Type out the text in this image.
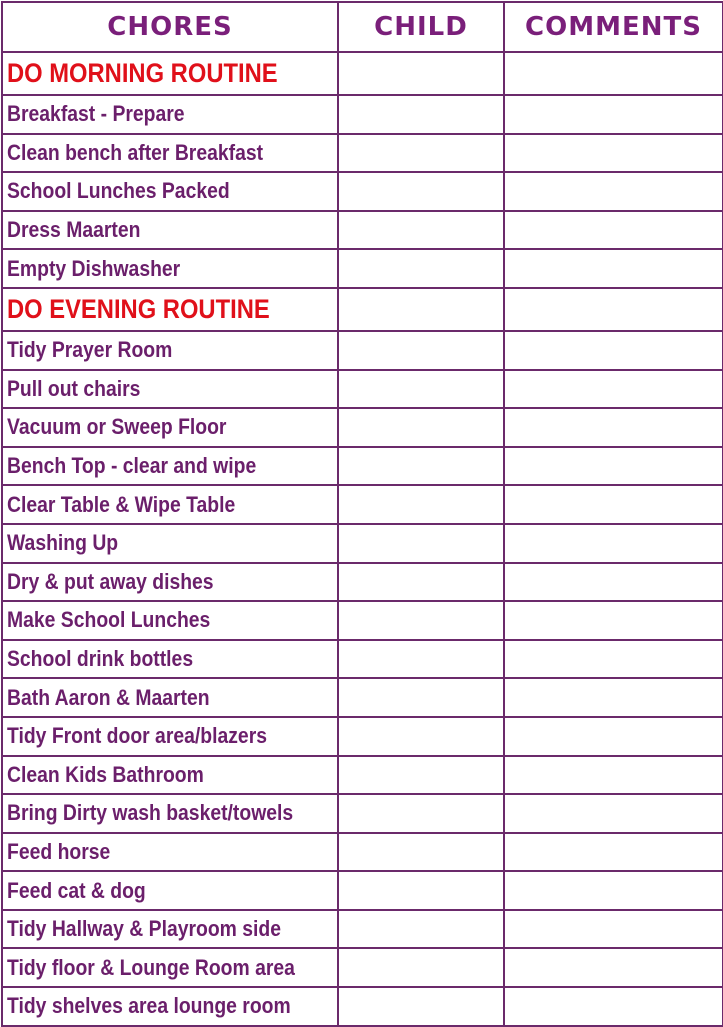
CHORES	CHILD	COMMENTS
DO MORNING ROUTINE		
Breakfast - Prepare		
Clean bench after Breakfast		
School Lunches Packed		
Dress Maarten		
Empty Dishwasher		
DO EVENING ROUTINE		
Tidy Prayer Room		
Pull out chairs		
Vacuum or Sweep Floor		
Bench Top - clear and wipe		
Clear Table & Wipe Table		
Washing Up		
Dry & put away dishes		
Make School Lunches		
School drink bottles		
Bath Aaron & Maarten		
Tidy Front door area/blazers		
Clean Kids Bathroom		
Bring Dirty wash basket/towels		
Feed horse		
Feed cat & dog		
Tidy Hallway & Playroom side		
Tidy floor & Lounge Room area		
Tidy shelves area lounge room		
